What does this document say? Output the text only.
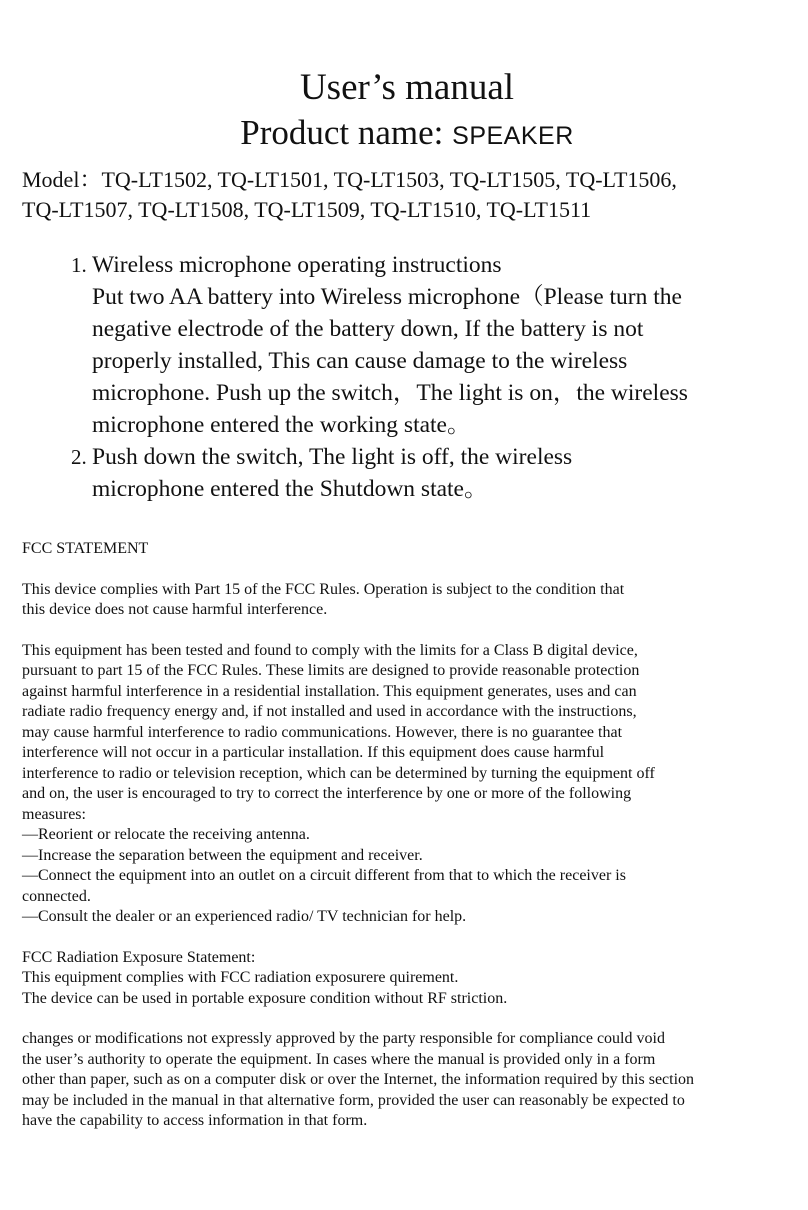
User’s manual

Product name: SPEAKER

Model：TQ-LT1502, TQ-LT1501, TQ-LT1503, TQ-LT1505, TQ-LT1506,
TQ-LT1507, TQ-LT1508, TQ-LT1509, TQ-LT1510, TQ-LT1511

1. Wireless microphone operating instructions
Put two AA battery into Wireless microphone（Please turn the
negative electrode of the battery down, If the battery is not
properly installed, This can cause damage to the wireless
microphone. Push up the switch，The light is on，the wireless
microphone entered the working state。
2. Push down the switch, The light is off, the wireless
microphone entered the Shutdown state。

FCC STATEMENT

This device complies with Part 15 of the FCC Rules. Operation is subject to the condition that
this device does not cause harmful interference.

This equipment has been tested and found to comply with the limits for a Class B digital device,
pursuant to part 15 of the FCC Rules. These limits are designed to provide reasonable protection
against harmful interference in a residential installation. This equipment generates, uses and can
radiate radio frequency energy and, if not installed and used in accordance with the instructions,
may cause harmful interference to radio communications. However, there is no guarantee that
interference will not occur in a particular installation. If this equipment does cause harmful
interference to radio or television reception, which can be determined by turning the equipment off
and on, the user is encouraged to try to correct the interference by one or more of the following
measures:
—Reorient or relocate the receiving antenna.
—Increase the separation between the equipment and receiver.
—Connect the equipment into an outlet on a circuit different from that to which the receiver is
connected.
—Consult the dealer or an experienced radio/ TV technician for help.

FCC Radiation Exposure Statement:
This equipment complies with FCC radiation exposurere quirement.
The device can be used in portable exposure condition without RF striction.

changes or modifications not expressly approved by the party responsible for compliance could void
the user’s authority to operate the equipment. In cases where the manual is provided only in a form
other than paper, such as on a computer disk or over the Internet, the information required by this section
may be included in the manual in that alternative form, provided the user can reasonably be expected to
have the capability to access information in that form.
